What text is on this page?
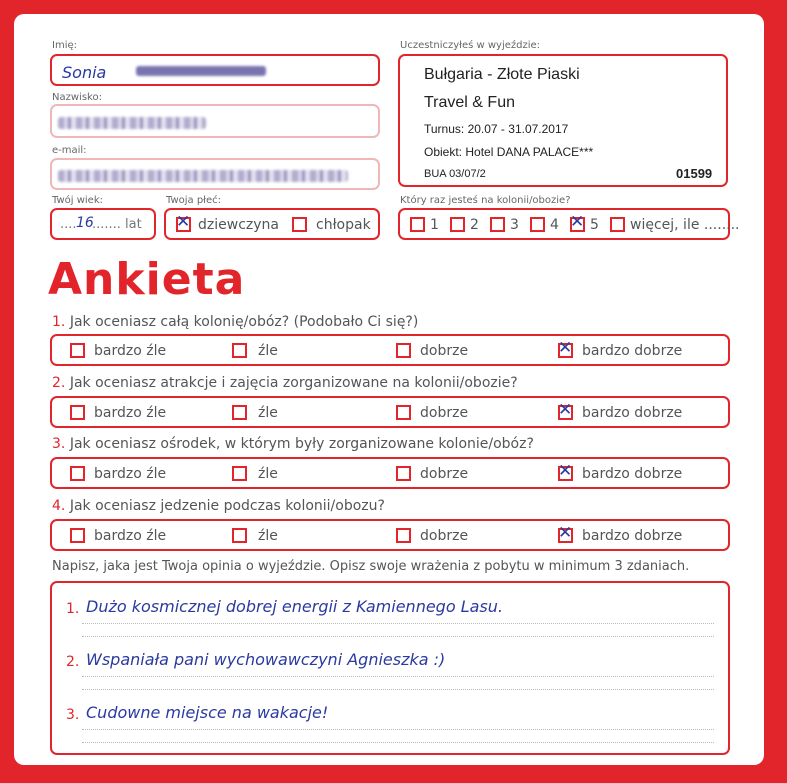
Imię:
Sonia
Nazwisko:
e-mail:
Twój wiek:
.... 16
....... lat
Twoja płeć:
✕ dziewczyna	chłopak
Uczestniczyłeś w wyjeździe:
Bułgaria - Złote Piaski
Travel & Fun
Turnus: 20.07 - 31.07.2017
Obiekt: Hotel DANA PALACE***
BUA 03/07/2	01599
Który raz jesteś na kolonii/obozie?
1 2 3 4 ✕ 5 więcej, ile ........
Ankieta
1. Jak oceniasz całą kolonię/obóz? (Podobało Ci się?)
bardzo źle	źle	dobrze	✕ bardzo dobrze
2. Jak oceniasz atrakcje i zajęcia zorganizowane na kolonii/obozie?
bardzo źle	źle	dobrze	✕ bardzo dobrze
3. Jak oceniasz ośrodek, w którym były zorganizowane kolonie/obóz?
bardzo źle	źle	dobrze	✕ bardzo dobrze
4. Jak oceniasz jedzenie podczas kolonii/obozu?
bardzo źle	źle	dobrze	✕ bardzo dobrze
Napisz, jaka jest Twoja opinia o wyjeździe. Opisz swoje wrażenia z pobytu w minimum 3 zdaniach.
1. Dużo kosmicznej dobrej energii z Kamiennego Lasu.
2. Wspaniała pani wychowawczyni Agnieszka :)
3. Cudowne miejsce na wakacje!
